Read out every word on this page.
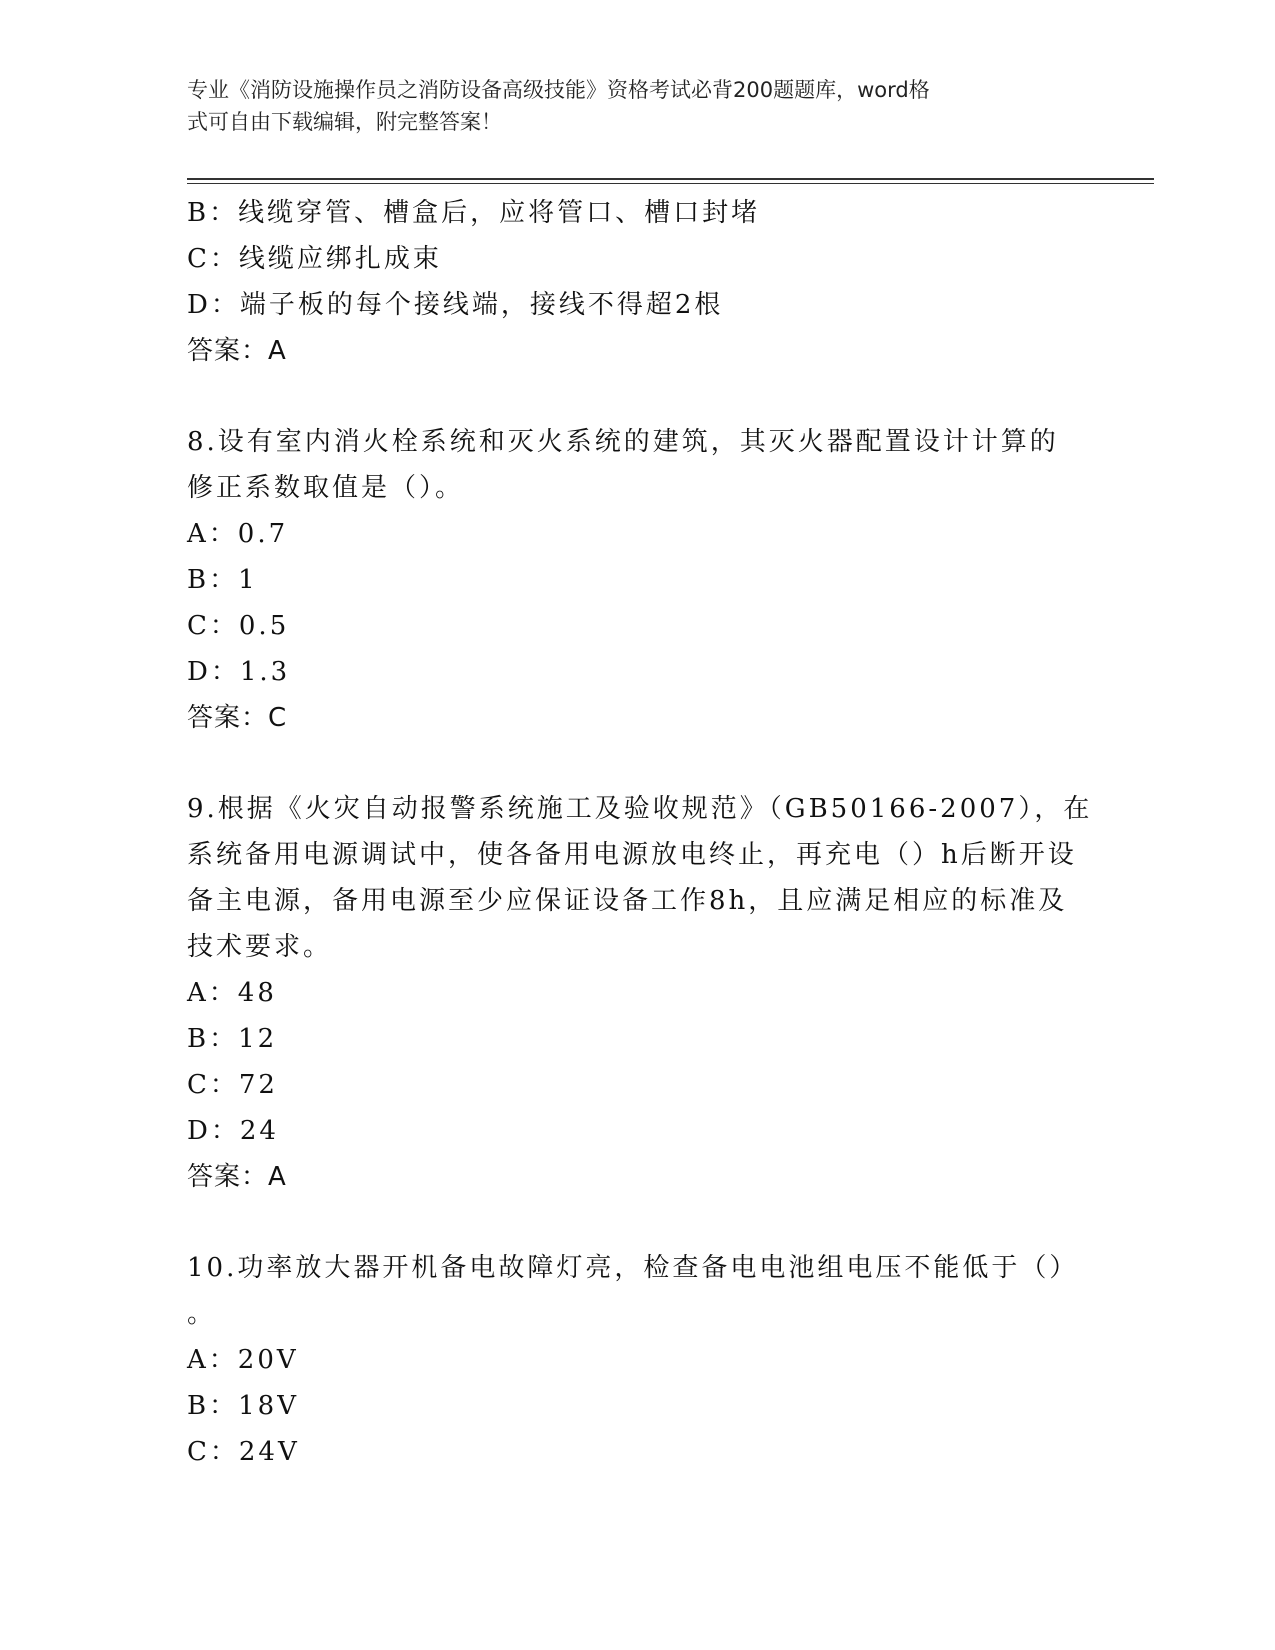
专业《消防设施操作员之消防设备高级技能》资格考试必背200题题库，word格
式可自由下载编辑，附完整答案！
B：线缆穿管、槽盒后，应将管口、槽口封堵
C：线缆应绑扎成束
D：端子板的每个接线端，接线不得超2根
答案：A
8.设有室内消火栓系统和灭火系统的建筑，其灭火器配置设计计算的
修正系数取值是（）。
A：0.7
B：1
C：0.5
D：1.3
答案：C
9.根据《火灾自动报警系统施工及验收规范》（GB50166-2007），在
系统备用电源调试中，使各备用电源放电终止，再充电（）h后断开设
备主电源，备用电源至少应保证设备工作8h，且应满足相应的标准及
技术要求。
A：48
B：12
C：72
D：24
答案：A
10.功率放大器开机备电故障灯亮，检查备电电池组电压不能低于（）
。
A：20V
B：18V
C：24V
